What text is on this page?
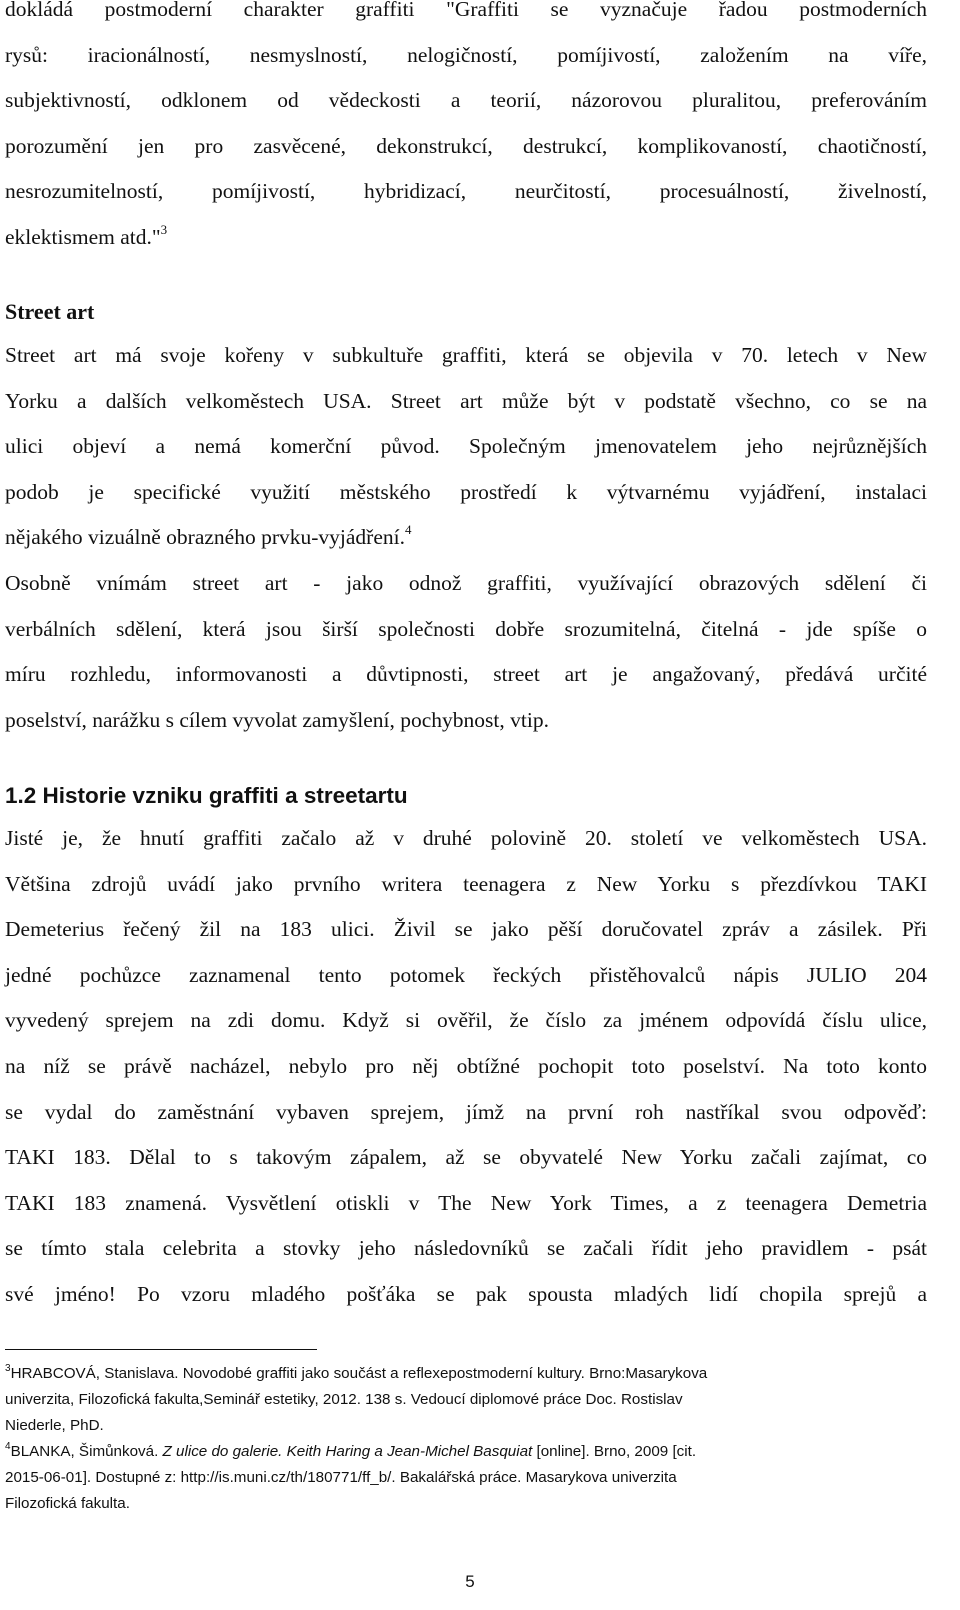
dokládá postmoderní charakter graffiti "Graffiti se vyznačuje řadou postmoderních
rysů: iracionálností, nesmyslností, nelogičností, pomíjivostí, založením na víře,
subjektivností, odklonem od vědeckosti a teorií, názorovou pluralitou, preferováním
porozumění jen pro zasvěcené, dekonstrukcí, destrukcí, komplikovaností, chaotičností,
nesrozumitelností, pomíjivostí, hybridizací, neurčitostí, procesuálností, živelností,
eklektismem atd."$^3$
Street art
Street art má svoje kořeny v subkultuře graffiti, která se objevila v 70. letech v New
Yorku a dalších velkoměstech USA. Street art může být v podstatě všechno, co se na
ulici objeví a nemá komerční původ. Společným jmenovatelem jeho nejrůznějších
podob je specifické využití městského prostředí k výtvarnému vyjádření, instalaci
nějakého vizuálně obrazného prvku-vyjádření.$^4$
Osobně vnímám street art - jako odnož graffiti, využívající obrazových sdělení či
verbálních sdělení, která jsou širší společnosti dobře srozumitelná, čitelná - jde spíše o
míru rozhledu, informovanosti a důvtipnosti, street art je angažovaný, předává určité
poselství, narážku s cílem vyvolat zamyšlení, pochybnost, vtip.
1.2 Historie vzniku graffiti a streetartu
Jisté je, že hnutí graffiti začalo až v druhé polovině 20. století ve velkoměstech USA.
Většina zdrojů uvádí jako prvního writera teenagera z New Yorku s přezdívkou TAKI
Demeterius řečený žil na 183 ulici. Živil se jako pěší doručovatel zpráv a zásilek. Při
jedné pochůzce zaznamenal tento potomek řeckých přistěhovalců nápis JULIO 204
vyvedený sprejem na zdi domu. Když si ověřil, že číslo za jménem odpovídá číslu ulice,
na níž se právě nacházel, nebylo pro něj obtížné pochopit toto poselství. Na toto konto
se vydal do zaměstnání vybaven sprejem, jímž na první roh nastříkal svou odpověď:
TAKI 183. Dělal to s takovým zápalem, až se obyvatelé New Yorku začali zajímat, co
TAKI 183 znamená. Vysvětlení otiskli v The New York Times, a z teenagera Demetria
se tímto stala celebrita a stovky jeho následovníků se začali řídit jeho pravidlem - psát
své jméno! Po vzoru mladého pošťáka se pak spousta mladých lidí chopila sprejů a
$^3$HRABCOVÁ, Stanislava. Novodobé graffiti jako součást a reflexepostmoderní kultury. Brno:Masarykova
univerzita, Filozofická fakulta,Seminář estetiky, 2012. 138 s. Vedoucí diplomové práce Doc. Rostislav
Niederle, PhD.
$^4$BLANKA, Šimůnková. Z ulice do galerie. Keith Haring a Jean-Michel Basquiat [online]. Brno, 2009 [cit.
2015-06-01]. Dostupné z: http://is.muni.cz/th/180771/ff_b/. Bakalářská práce. Masarykova univerzita
Filozofická fakulta.
5
